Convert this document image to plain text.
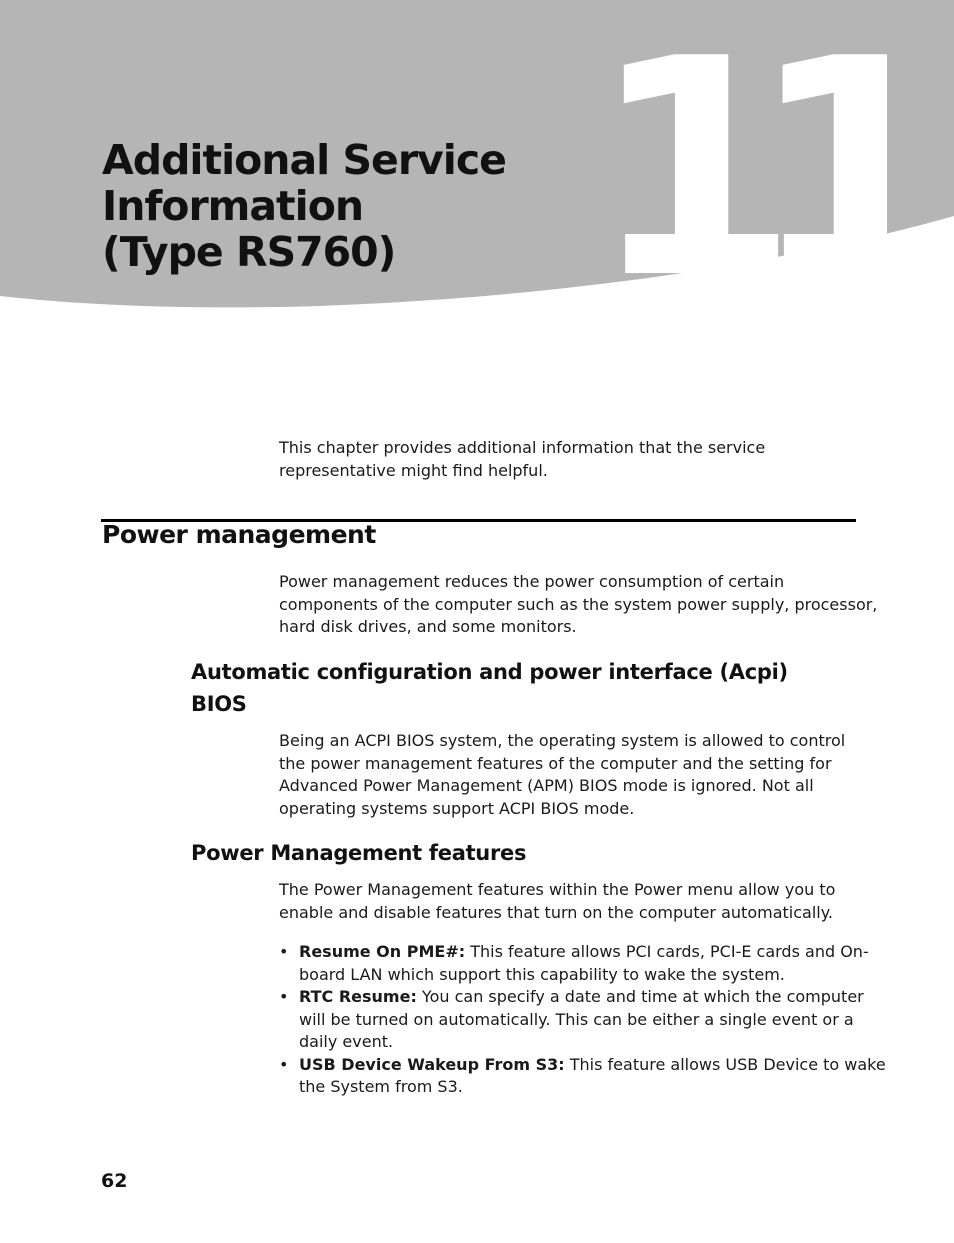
11
Additional Service
Information
(Type RS760)

This chapter provides additional information that the service
representative might find helpful.

Power management

Power management reduces the power consumption of certain
components of the computer such as the system power supply, processor,
hard disk drives, and some monitors.

Automatic configuration and power interface (Acpi)
BIOS

Being an ACPI BIOS system, the operating system is allowed to control
the power management features of the computer and the setting for
Advanced Power Management (APM) BIOS mode is ignored. Not all
operating systems support ACPI BIOS mode.

Power Management features

The Power Management features within the Power menu allow you to
enable and disable features that turn on the computer automatically.

• Resume On PME#: This feature allows PCI cards, PCI-E cards and On-
board LAN which support this capability to wake the system.
• RTC Resume: You can specify a date and time at which the computer
will be turned on automatically. This can be either a single event or a
daily event.
• USB Device Wakeup From S3: This feature allows USB Device to wake
the System from S3.
62
